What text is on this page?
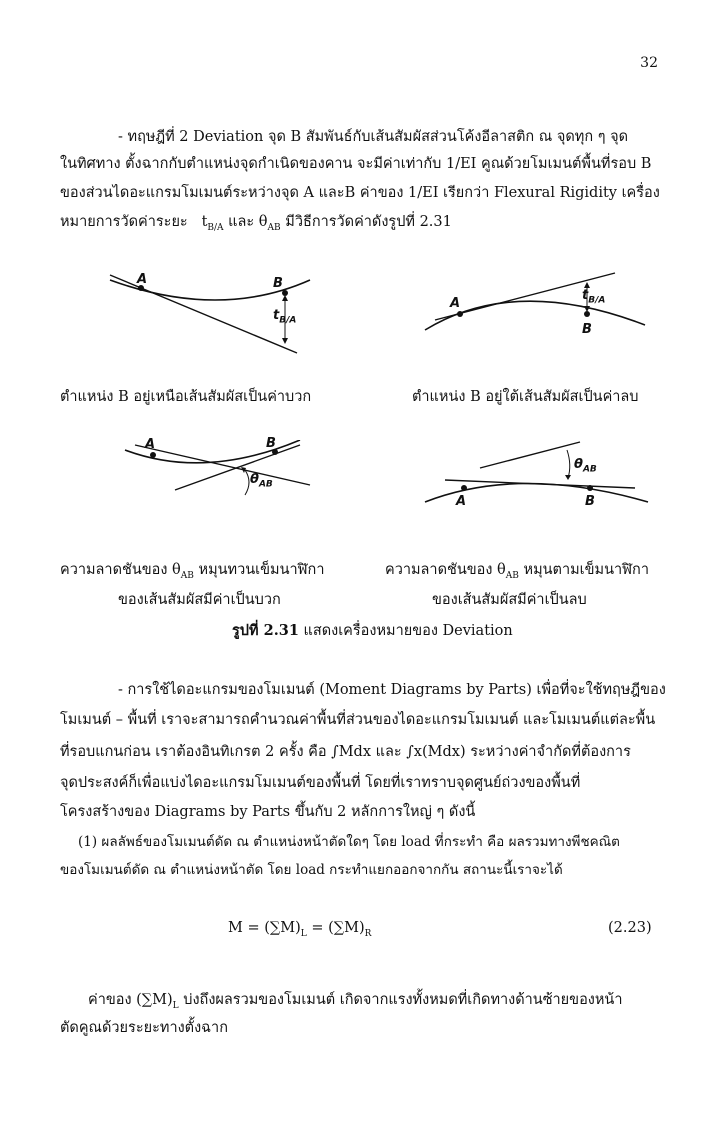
32
- ทฤษฎีที่ 2 Deviation จุด B สัมพันธ์กับเส้นสัมผัสส่วนโค้งอีลาสติก ณ จุดทุก ๆ จุด
ในทิศทาง ตั้งฉากกับตำแหน่งจุดกำเนิดของคาน จะมีค่าเท่ากับ 1/EI คูณด้วยโมเมนต์พื้นที่รอบ B
ของส่วนไดอะแกรมโมเมนต์ระหว่างจุด A และB ค่าของ 1/EI เรียกว่า Flexural Rigidity เครื่อง
หมายการวัดค่าระยะ $t_{B/A}$ และ $\theta_{AB}$ มีวิธีการวัดค่าดังรูปที่ 2.31
A	B
$t_{B/A}$
A
B
$t_{B/A}$
ตำแหน่ง B อยู่เหนือเส้นสัมผัสเป็นค่าบวก	ตำแหน่ง B อยู่ใต้เส้นสัมผัสเป็นค่าลบ
A	B
$\theta_{AB}$
A	B
$\theta_{AB}$
ความลาดชันของ $\theta_{AB}$ หมุนทวนเข็มนาฬิกา	ความลาดชันของ $\theta_{AB}$ หมุนตามเข็มนาฬิกา
ของเส้นสัมผัสมีค่าเป็นบวก	ของเส้นสัมผัสมีค่าเป็นลบ
รูปที่ 2.31 แสดงเครื่องหมายของ Deviation
- การใช้ไดอะแกรมของโมเมนต์ (Moment Diagrams by Parts) เพื่อที่จะใช้ทฤษฎีของ
โมเมนต์ – พื้นที่ เราจะสามารถคำนวณค่าพื้นที่ส่วนของไดอะแกรมโมเมนต์ และโมเมนต์แต่ละพื้น
ที่รอบแกนก่อน เราต้องอินทิเกรต 2 ครั้ง คือ ∫Mdx และ ∫x(Mdx) ระหว่างค่าจำกัดที่ต้องการ
จุดประสงค์ก็เพื่อแบ่งไดอะแกรมโมเมนต์ของพื้นที่ โดยที่เราทราบจุดศูนย์ถ่วงของพื้นที่
โครงสร้างของ Diagrams by Parts ขึ้นกับ 2 หลักการใหญ่ ๆ ดังนี้
(1) ผลลัพธ์ของโมเมนต์ดัด ณ ตำแหน่งหน้าตัดใดๆ โดย load ที่กระทำ คือ ผลรวมทางพีชคณิต
ของโมเมนต์ดัด ณ ตำแหน่งหน้าตัด โดย load กระทำแยกออกจากกัน สถานะนี้เราจะได้
$M = (\sum M)_L = (\sum M)_R$	(2.23)
ค่าของ $(\sum M)_L$ บ่งถึงผลรวมของโมเมนต์ เกิดจากแรงทั้งหมดที่เกิดทางด้านซ้ายของหน้า
ตัดคูณด้วยระยะทางตั้งฉาก
